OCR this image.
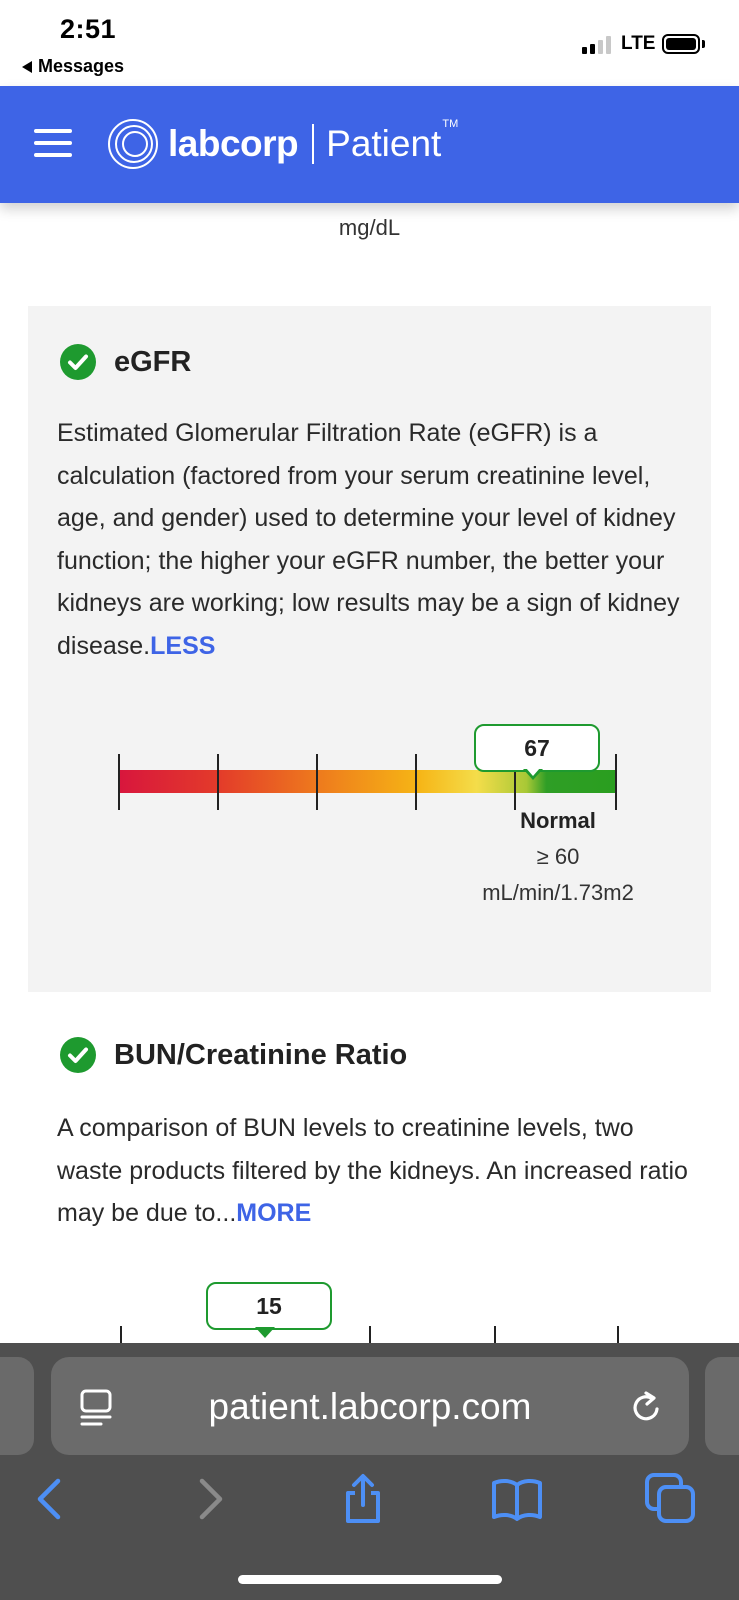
2:51
Messages
LTE
labcorp Patient TM
mg/dL
eGFR
Estimated Glomerular Filtration Rate (eGFR) is a calculation (factored from your serum creatinine level, age, and gender) used to determine your level of kidney function; the higher your eGFR number, the better your kidneys are working; low results may be a sign of kidney disease.LESS
67
Normal
≥ 60
mL/min/1.73m2
BUN/Creatinine Ratio
A comparison of BUN levels to creatinine levels, two waste products filtered by the kidneys. An increased ratio may be due to...MORE
15
patient.labcorp.com
